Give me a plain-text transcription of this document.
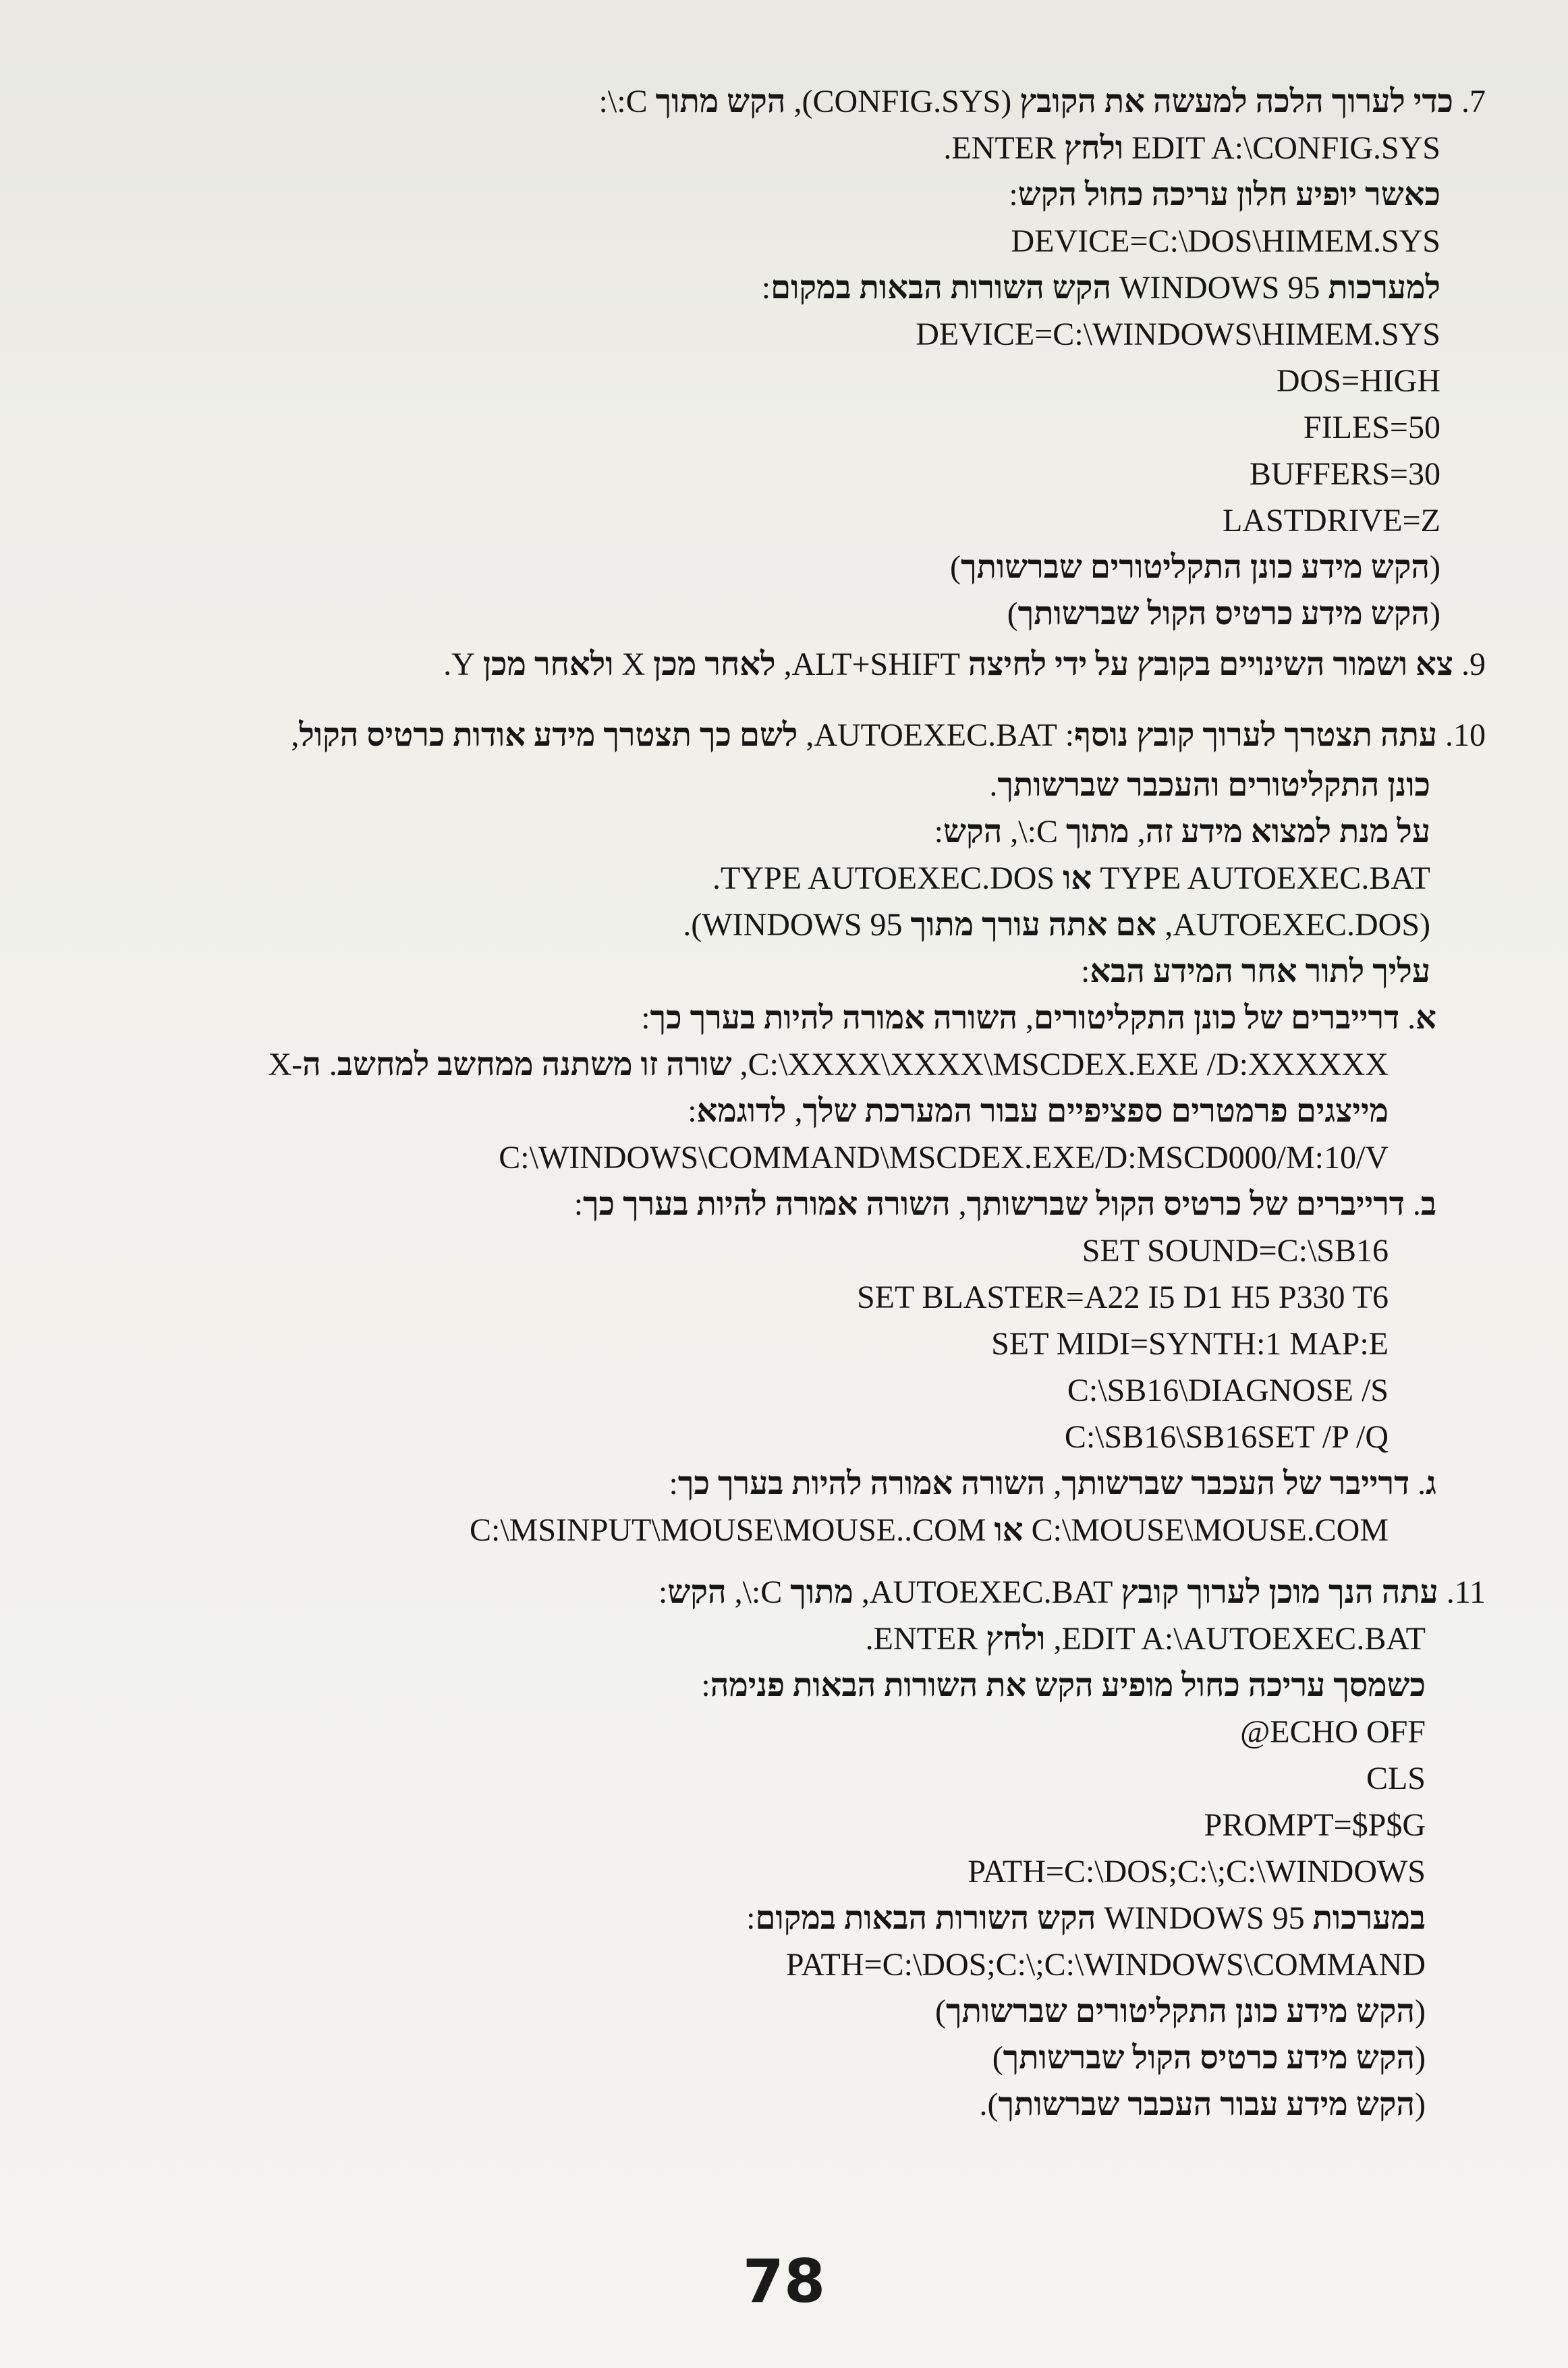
7. כדי לערוך הלכה למעשה את הקובץ (CONFIG.SYS), הקש מתוך C:\:
EDIT A:\CONFIG.SYS ולחץ ENTER.
כאשר יופיע חלון עריכה כחול הקש:
DEVICE=C:\DOS\HIMEM.SYS
למערכות WINDOWS 95 הקש השורות הבאות במקום:
DEVICE=C:\WINDOWS\HIMEM.SYS
DOS=HIGH
FILES=50
BUFFERS=30
LASTDRIVE=Z
(הקש מידע כונן התקליטורים שברשותך)
(הקש מידע כרטיס הקול שברשותך)
9. צא ושמור השינויים בקובץ על ידי לחיצה ALT+SHIFT, לאחר מכן X ולאחר מכן Y.
10. עתה תצטרך לערוך קובץ נוסף: AUTOEXEC.BAT, לשם כך תצטרך מידע אודות כרטיס הקול,
כונן התקליטורים והעכבר שברשותך.
על מנת למצוא מידע זה, מתוך C:\, הקש:
TYPE AUTOEXEC.BAT או TYPE AUTOEXEC.DOS.
(AUTOEXEC.DOS, אם אתה עורך מתוך WINDOWS 95).
עליך לתור אחר המידע הבא:
א. דרייברים של כונן התקליטורים, השורה אמורה להיות בערך כך:
C:\XXXX\XXXX\MSCDEX.EXE /D:XXXXXX, שורה זו משתנה ממחשב למחשב. ה-X
מייצגים פרמטרים ספציפיים עבור המערכת שלך, לדוגמא:
C:\WINDOWS\COMMAND\MSCDEX.EXE/D:MSCD000/M:10/V
ב. דרייברים של כרטיס הקול שברשותך, השורה אמורה להיות בערך כך:
SET SOUND=C:\SB16
SET BLASTER=A22 I5 D1 H5 P330 T6
SET MIDI=SYNTH:1 MAP:E
C:\SB16\DIAGNOSE /S
C:\SB16\SB16SET /P /Q
ג. דרייבר של העכבר שברשותך, השורה אמורה להיות בערך כך:
C:\MOUSE\MOUSE.COM או C:\MSINPUT\MOUSE\MOUSE..COM
11. עתה הנך מוכן לערוך קובץ AUTOEXEC.BAT, מתוך C:\, הקש:
EDIT A:\AUTOEXEC.BAT, ולחץ ENTER.
כשמסך עריכה כחול מופיע הקש את השורות הבאות פנימה:
@ECHO OFF
CLS
PROMPT=$P$G
PATH=C:\DOS;C:\;C:\WINDOWS
במערכות WINDOWS 95 הקש השורות הבאות במקום:
PATH=C:\DOS;C:\;C:\WINDOWS\COMMAND
(הקש מידע כונן התקליטורים שברשותך)
(הקש מידע כרטיס הקול שברשותך)
(הקש מידע עבור העכבר שברשותך).
78
